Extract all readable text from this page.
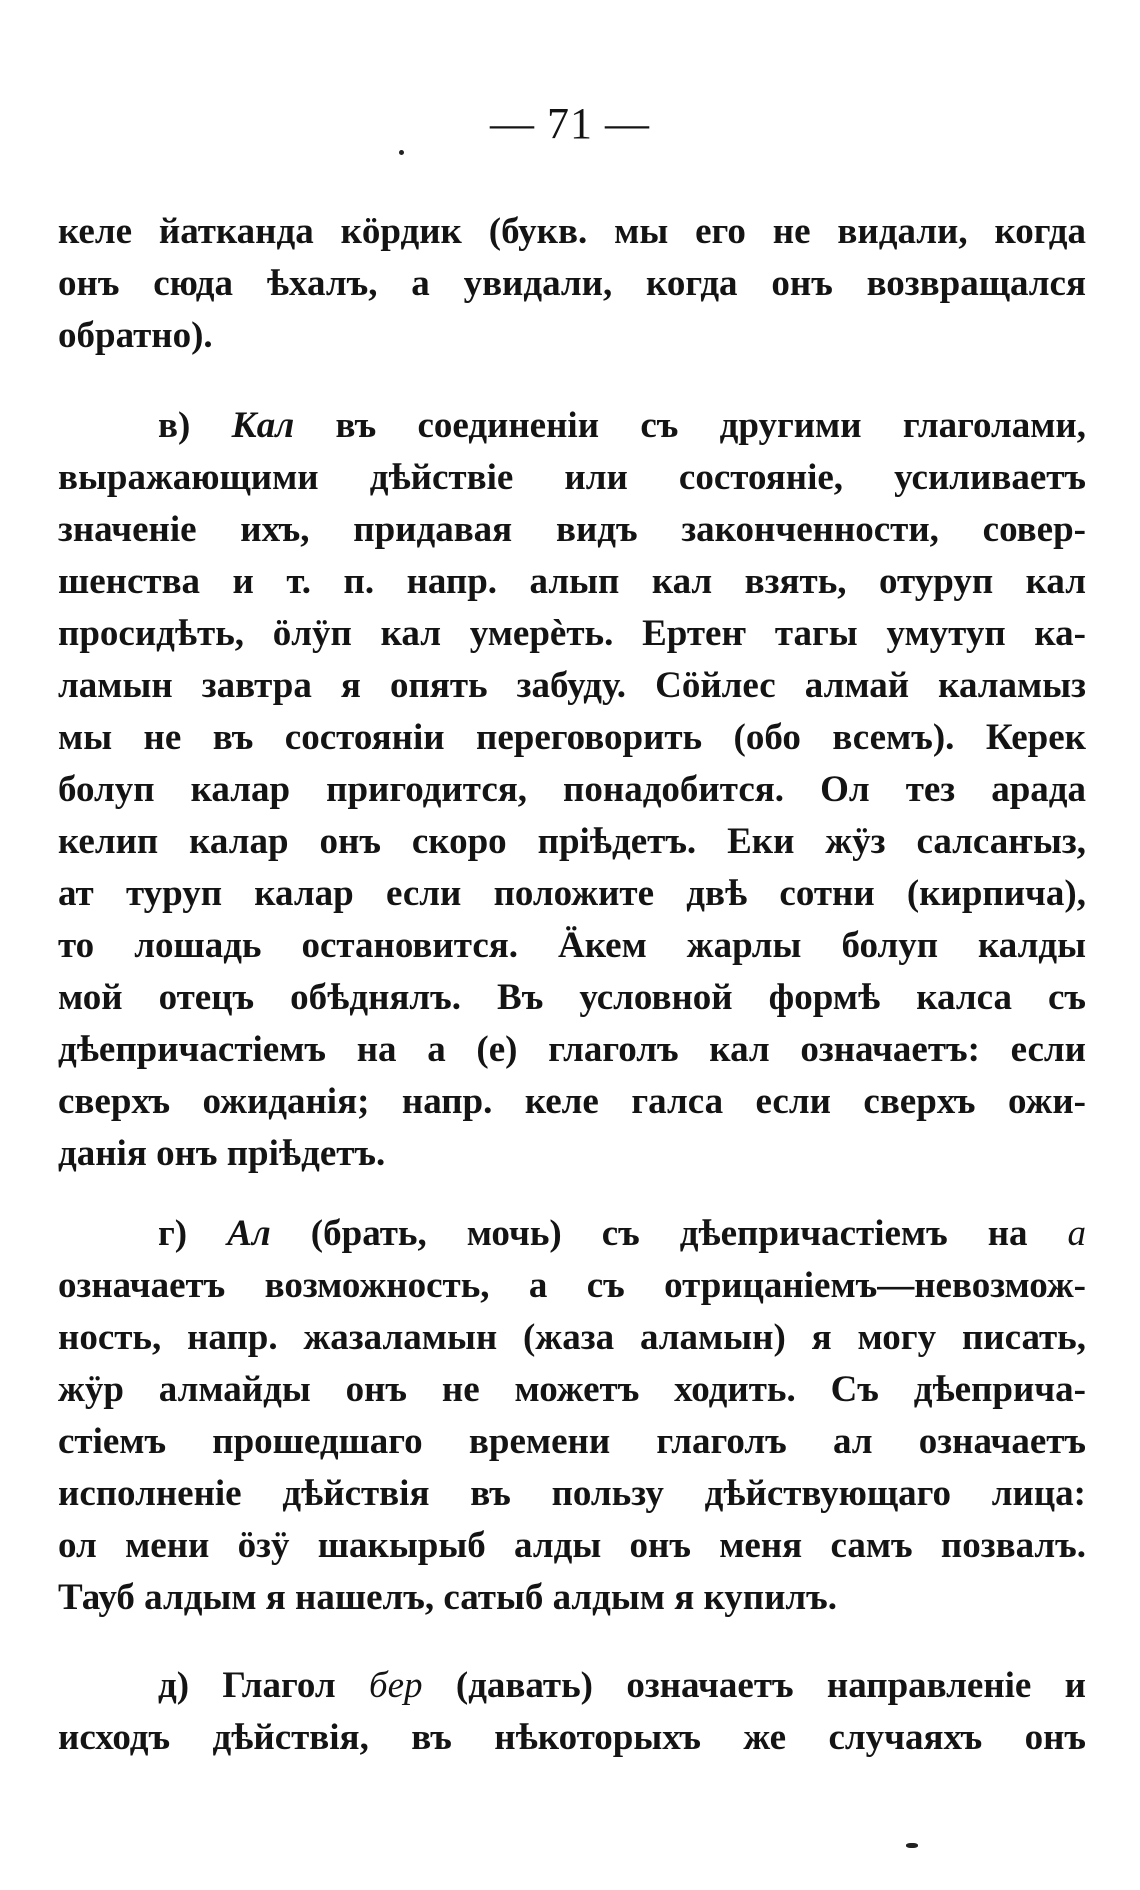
— 71 —
келе йатканда кӧрдик (букв. мы его не видали, когда
онъ сюда ѣхалъ, а увидали, когда онъ возвращался
обратно).
в) Кал въ соединеніи съ другими глаголами,
выражающими дѣйствіе или состояніе, усиливаетъ
значеніе ихъ, придавая видъ законченности, совер-
шенства и т. п. напр. алып кал взять, отуруп кал
просидѣть, ӧлӱп кал умерѐть. Ертеҥ тагы умутуп ка-
ламын завтра я опять забуду. Сӧйлес алмай каламыз
мы не въ состояніи переговорить (обо всемъ). Керек
болуп калар пригодится, понадобится. Ол тез арада
келип калар онъ скоро пріѣдетъ. Еки жӱз салсаҥыз,
ат туруп калар если положите двѣ сотни (кирпича),
то лошадь остановится. Ӓкем жарлы болуп калды
мой отецъ обѣднялъ. Въ условной формѣ калса съ
дѣепричастіемъ на а (е) глаголъ кал означаетъ: если
сверхъ ожиданія; напр. келе галса если сверхъ ожи-
данія онъ пріѣдетъ.
г) Ал (брать, мочь) съ дѣепричастіемъ на а
означаетъ возможность, а съ отрицаніемъ—невозмож-
ность, напр. жазаламын (жаза аламын) я могу писать,
жӱр алмайды онъ не можетъ ходить. Съ дѣеприча-
стіемъ прошедшаго времени глаголъ ал означаетъ
исполненіе дѣйствія въ пользу дѣйствующаго лица:
ол мени ӧзӱ шакырыб алды онъ меня самъ позвалъ.
Тауб алдым я нашелъ, сатыб алдым я купилъ.
д) Глагол бер (давать) означаетъ направленіе и
исходъ дѣйствія, въ нѣкоторыхъ же случаяхъ онъ
